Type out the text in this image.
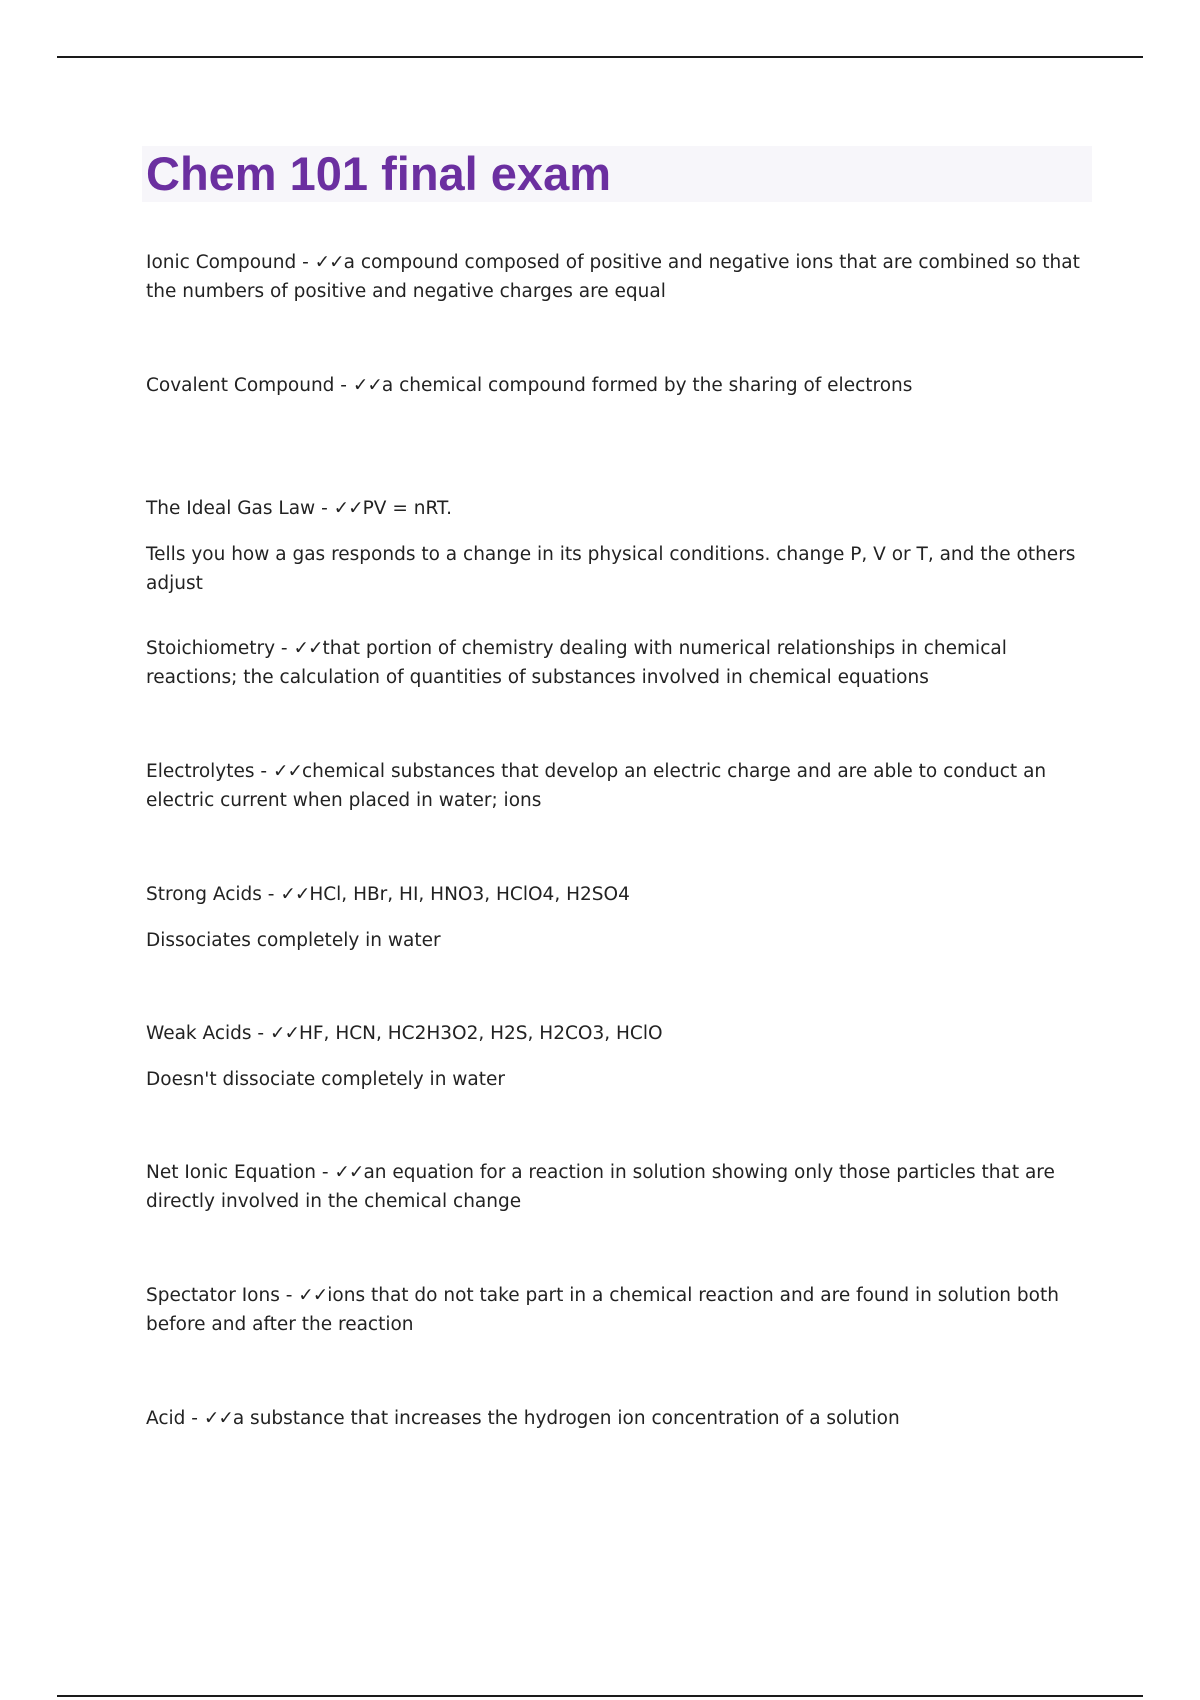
Chem 101 final exam

Ionic Compound - ✓✓a compound composed of positive and negative ions that are combined so that the numbers of positive and negative charges are equal

Covalent Compound - ✓✓a chemical compound formed by the sharing of electrons

The Ideal Gas Law - ✓✓PV = nRT.

Tells you how a gas responds to a change in its physical conditions. change P, V or T, and the others adjust

Stoichiometry - ✓✓that portion of chemistry dealing with numerical relationships in chemical reactions; the calculation of quantities of substances involved in chemical equations

Electrolytes - ✓✓chemical substances that develop an electric charge and are able to conduct an electric current when placed in water; ions

Strong Acids - ✓✓HCl, HBr, HI, HNO3, HClO4, H2SO4

Dissociates completely in water

Weak Acids - ✓✓HF, HCN, HC2H3O2, H2S, H2CO3, HClO

Doesn't dissociate completely in water

Net Ionic Equation - ✓✓an equation for a reaction in solution showing only those particles that are directly involved in the chemical change

Spectator Ions - ✓✓ions that do not take part in a chemical reaction and are found in solution both before and after the reaction

Acid - ✓✓a substance that increases the hydrogen ion concentration of a solution
